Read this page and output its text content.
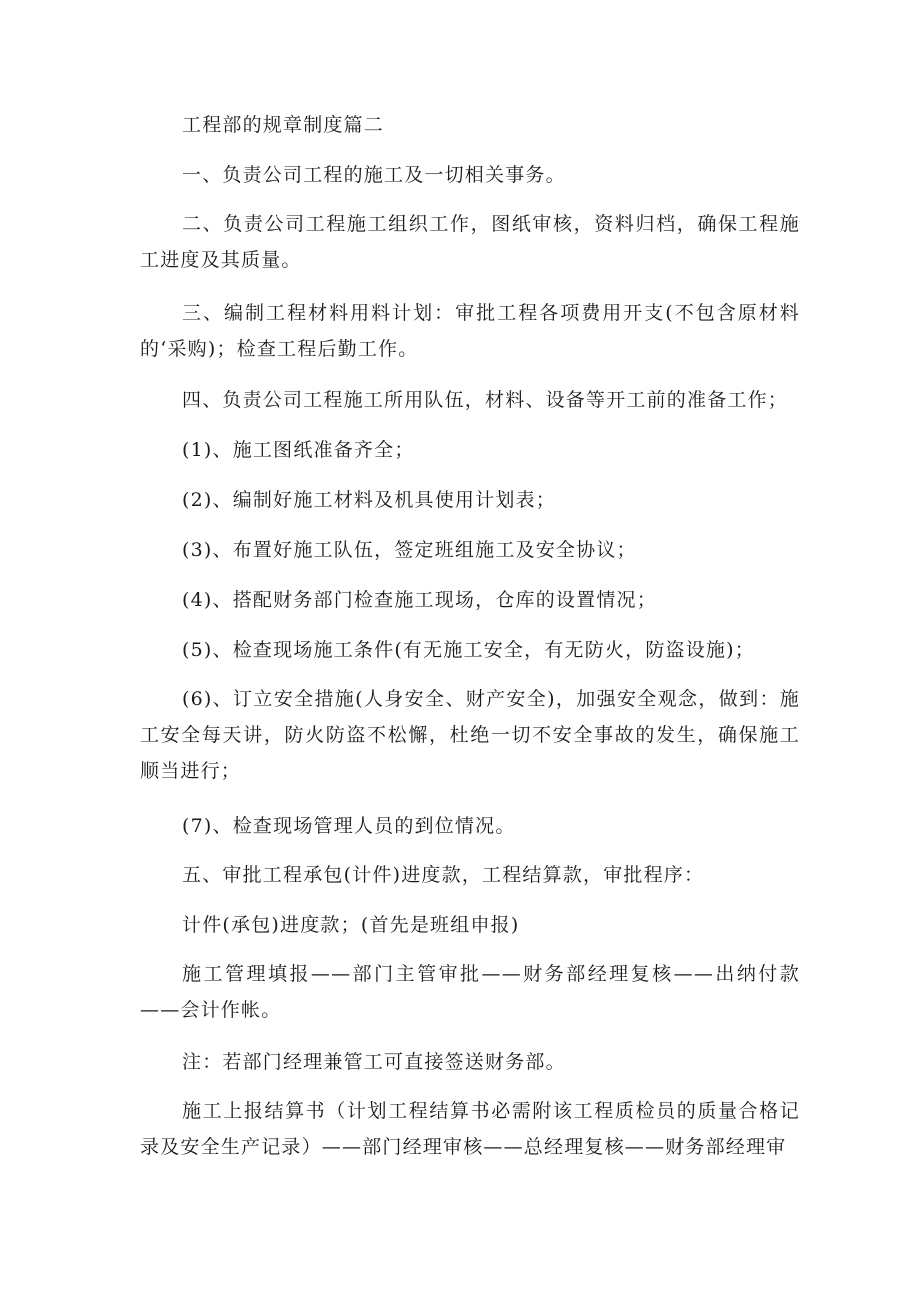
工程部的规章制度篇二

一、负责公司工程的施工及一切相关事务。

二、负责公司工程施工组织工作，图纸审核，资料归档，确保工程施工进度及其质量。

三、编制工程材料用料计划：审批工程各项费用开支(不包含原材料的‘采购)；检查工程后勤工作。

四、负责公司工程施工所用队伍，材料、设备等开工前的准备工作；

(1)、施工图纸准备齐全；

(2)、编制好施工材料及机具使用计划表；

(3)、布置好施工队伍，签定班组施工及安全协议；

(4)、搭配财务部门检查施工现场，仓库的设置情况；

(5)、检查现场施工条件(有无施工安全，有无防火，防盗设施)；

(6)、订立安全措施(人身安全、财产安全)，加强安全观念，做到：施工安全每天讲，防火防盗不松懈，杜绝一切不安全事故的发生，确保施工顺当进行；

(7)、检查现场管理人员的到位情况。

五、审批工程承包(计件)进度款，工程结算款，审批程序：

计件(承包)进度款；(首先是班组申报)

施工管理填报——部门主管审批——财务部经理复核——出纳付款——会计作帐。

注：若部门经理兼管工可直接签送财务部。

施工上报结算书（计划工程结算书必需附该工程质检员的质量合格记录及安全生产记录）——部门经理审核——总经理复核——财务部经理审
